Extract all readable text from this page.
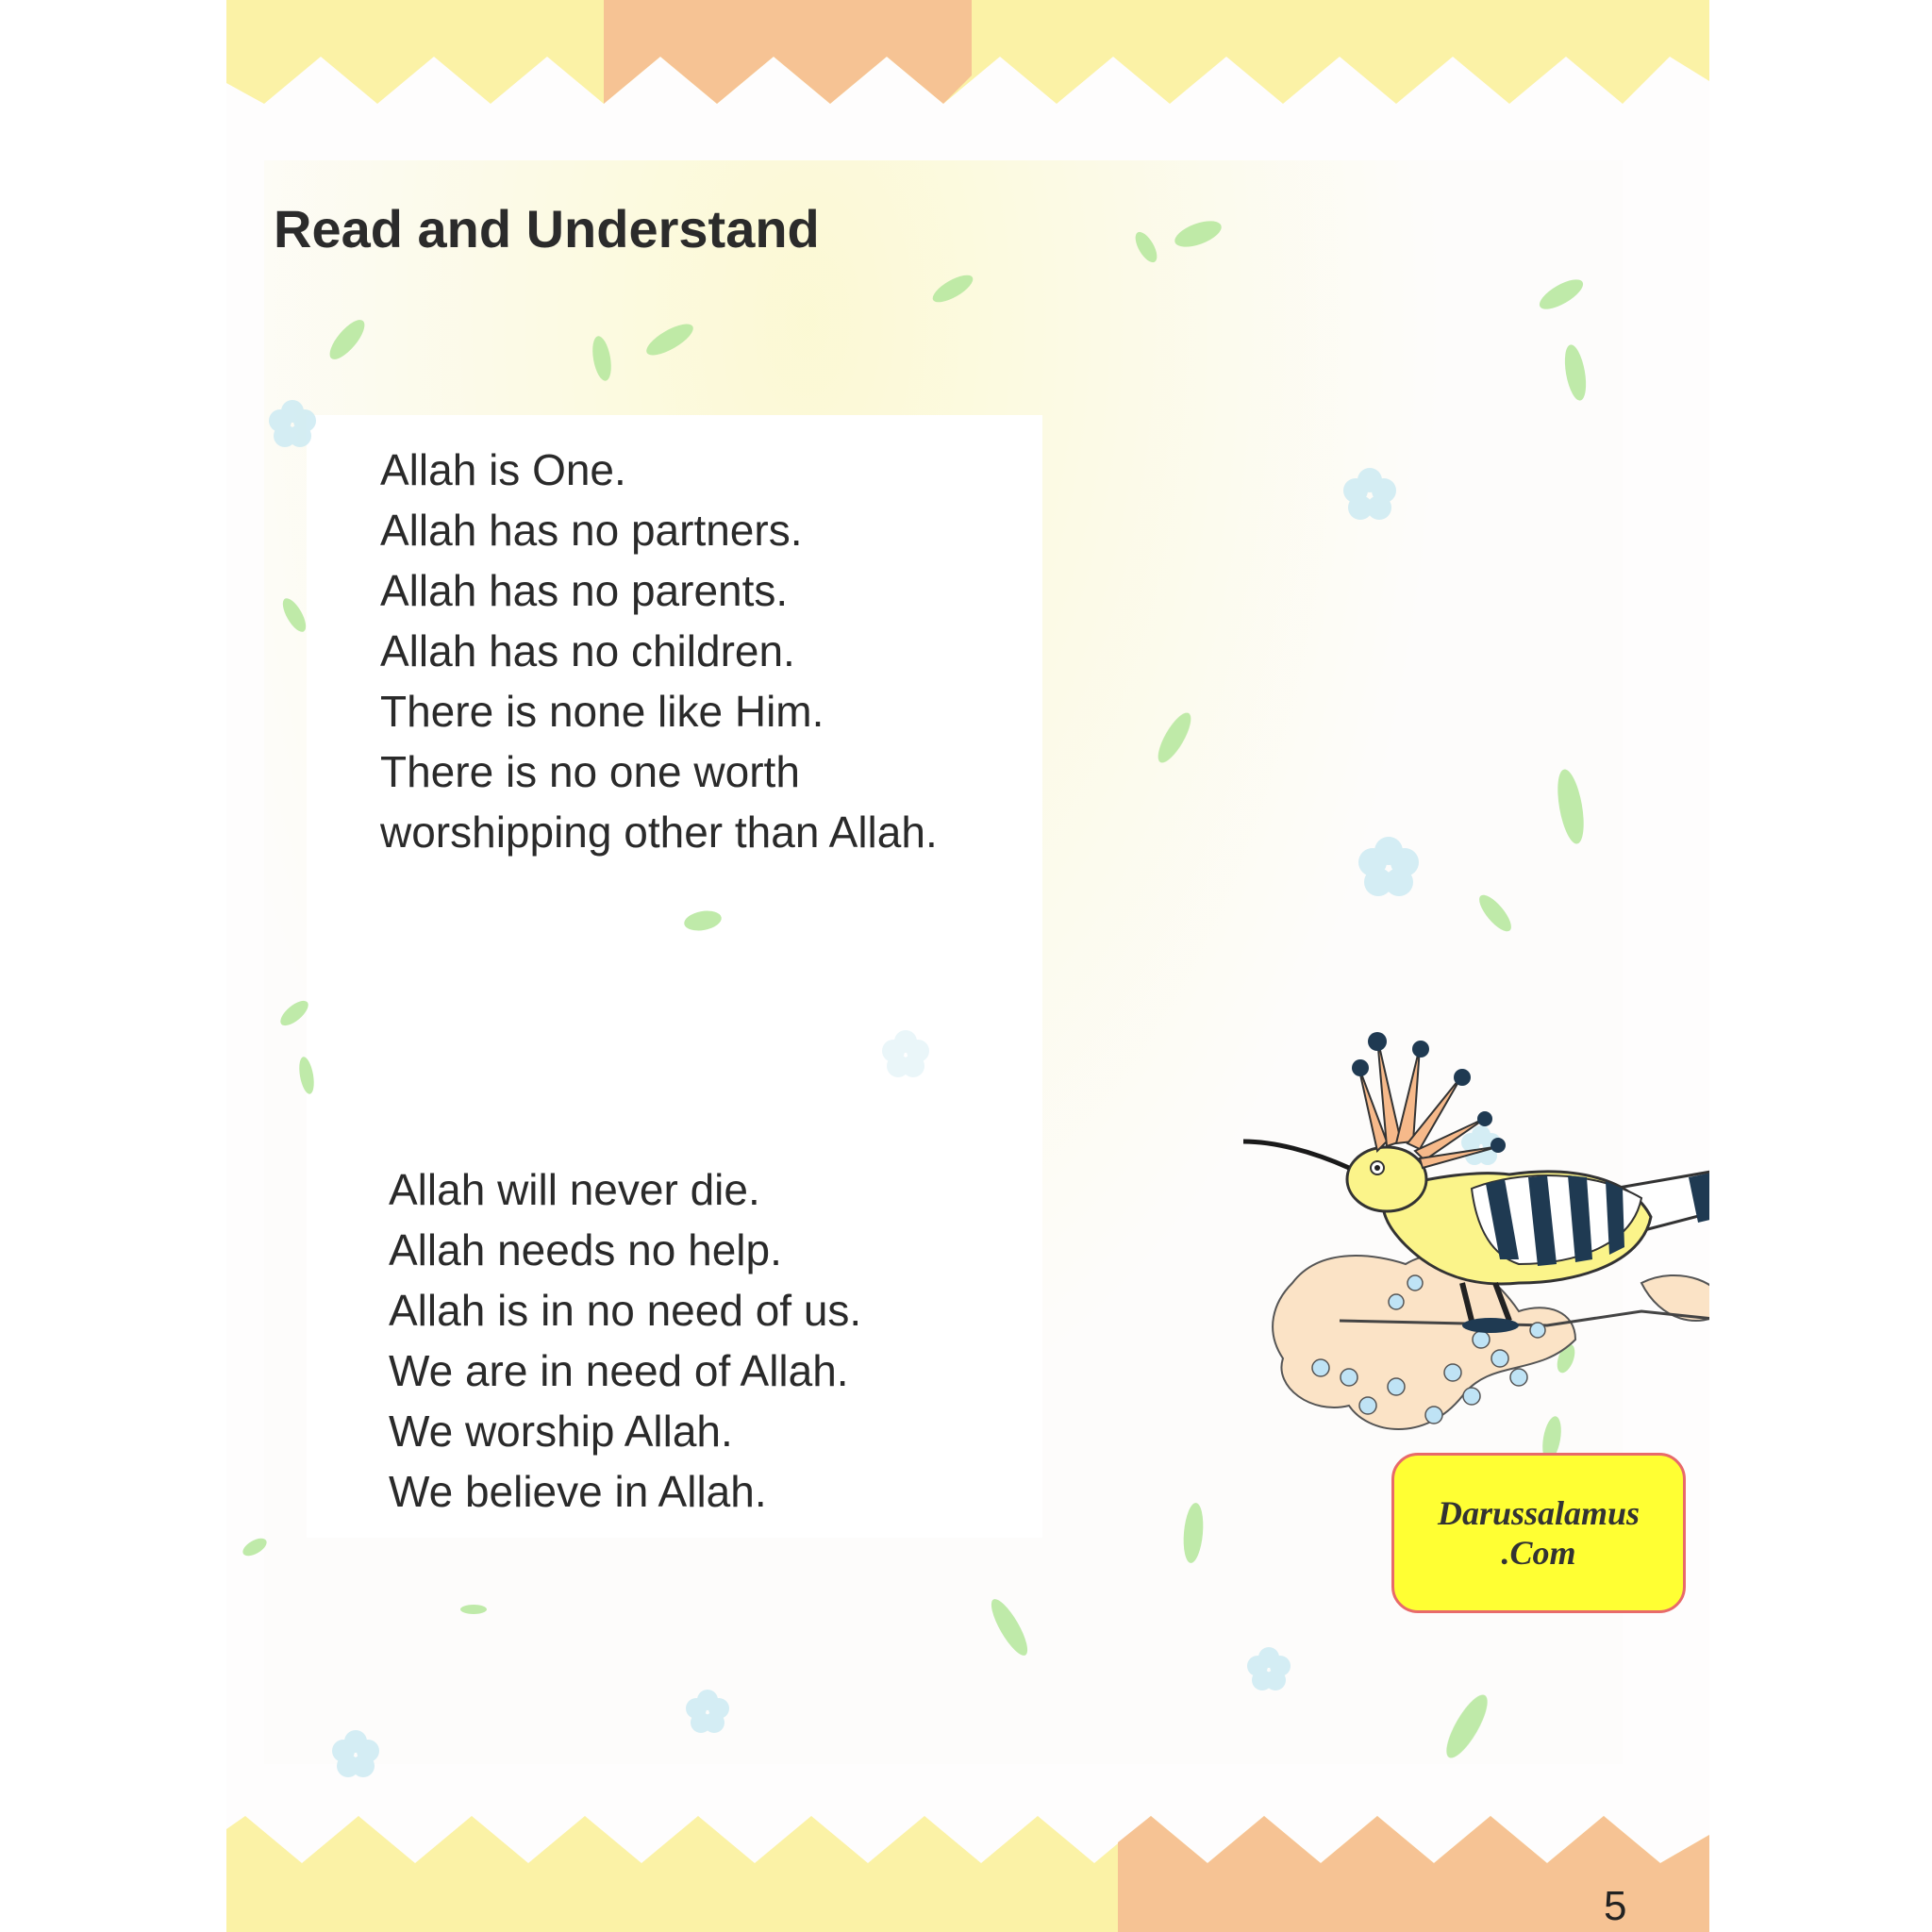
Read and Understand
Allah is One.
Allah has no partners.
Allah has no parents.
Allah has no children.
There is none like Him.
There is no one worth
worshipping other than Allah.
Allah will never die.
Allah needs no help.
Allah is in no need of us.
We are in need of Allah.
We worship Allah.
We believe in Allah.	Darussalamus
.Com
5
